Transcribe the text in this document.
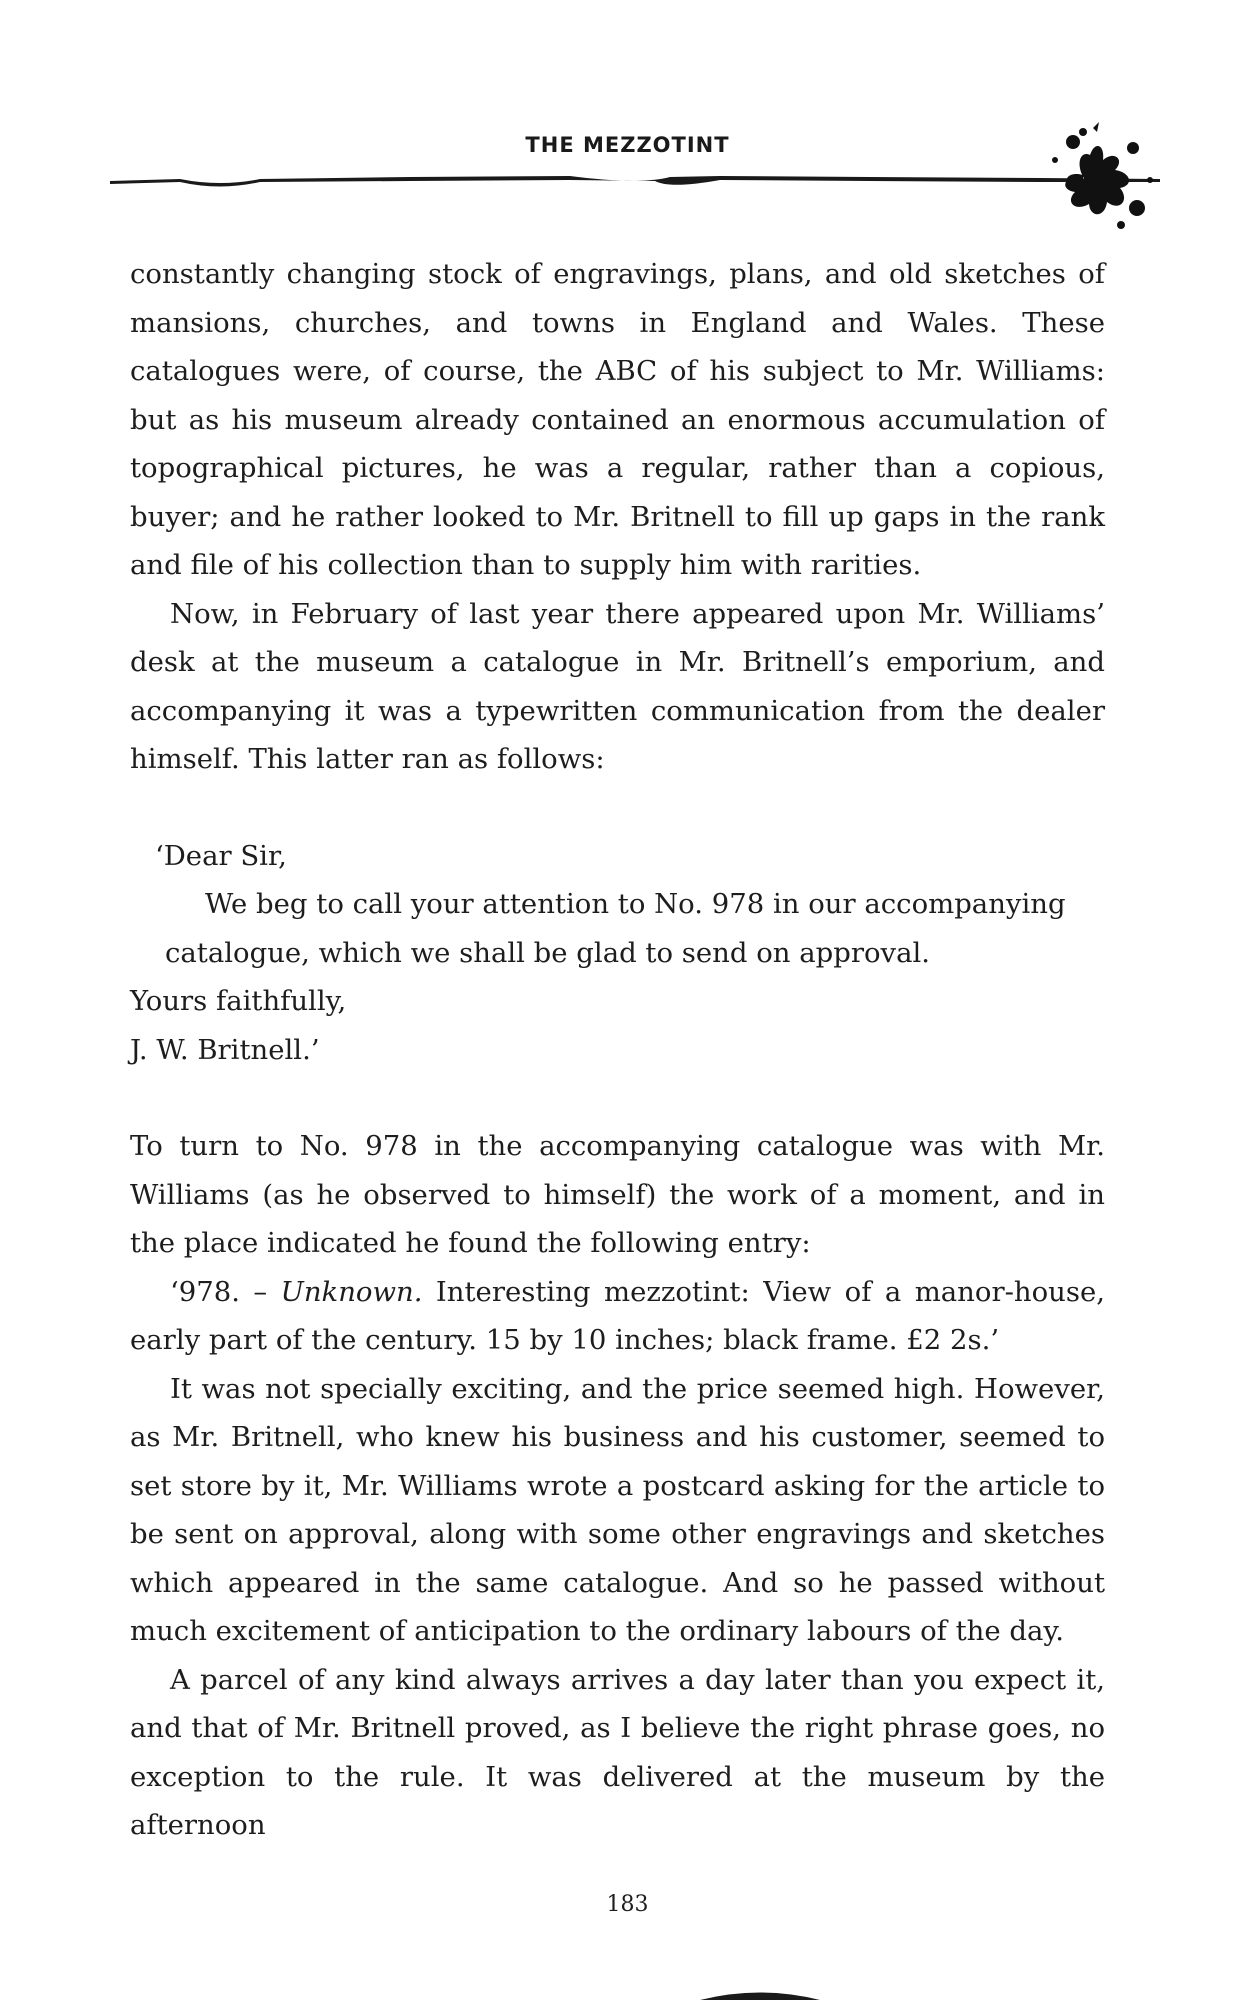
THE MEZZOTINT

constantly changing stock of engravings, plans, and old sketches of mansions, churches, and towns in England and Wales. These catalogues were, of course, the ABC of his subject to Mr. Williams: but as his museum already contained an enormous accumulation of topographical pictures, he was a regular, rather than a copious, buyer; and he rather looked to Mr. Britnell to fill up gaps in the rank and file of his collection than to supply him with rarities.

Now, in February of last year there appeared upon Mr. Williams’ desk at the museum a catalogue in Mr. Britnell’s emporium, and accompanying it was a typewritten communication from the dealer himself. This latter ran as follows:

‘Dear Sir,

We beg to call your attention to No. 978 in our accompanying catalogue, which we shall be glad to send on approval.

Yours faithfully,

J. W. Britnell.’

To turn to No. 978 in the accompanying catalogue was with Mr. Williams (as he observed to himself) the work of a moment, and in the place indicated he found the following entry:

‘978. – Unknown. Interesting mezzotint: View of a manor-house, early part of the century. 15 by 10 inches; black frame. £2 2s.’

It was not specially exciting, and the price seemed high. However, as Mr. Britnell, who knew his business and his customer, seemed to set store by it, Mr. Williams wrote a postcard asking for the article to be sent on approval, along with some other engravings and sketches which appeared in the same catalogue. And so he passed without much excitement of anticipation to the ordinary labours of the day.

A parcel of any kind always arrives a day later than you expect it, and that of Mr. Britnell proved, as I believe the right phrase goes, no exception to the rule. It was delivered at the museum by the afternoon

183
